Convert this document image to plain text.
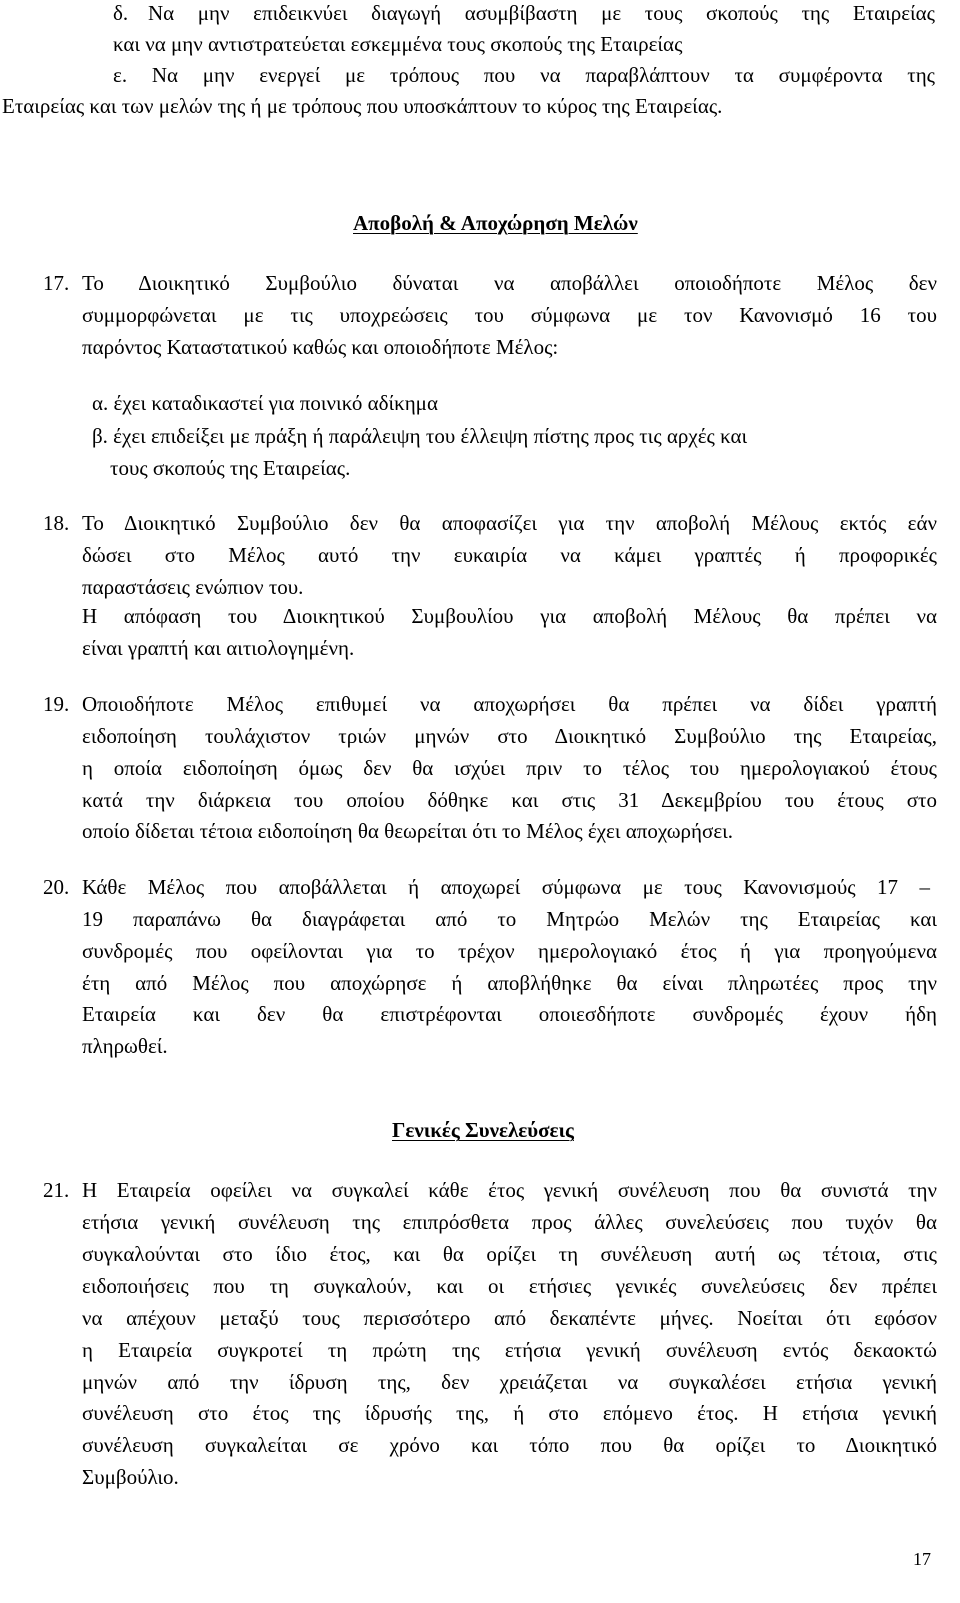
δ. Να μην επιδεικνύει διαγωγή ασυμβίβαστη με τους σκοπούς της Εταιρείας
και να μην αντιστρατεύεται εσκεμμένα τους σκοπούς της Εταιρείας
ε. Να μην ενεργεί με τρόπους που να παραβλάπτουν τα συμφέροντα της
Εταιρείας και των μελών της ή με τρόπους που υποσκάπτουν το κύρος της Εταιρείας.
Αποβολή & Αποχώρηση Μελών
17. Το Διοικητικό Συμβούλιο δύναται να αποβάλλει οποιοδήποτε Μέλος δεν
συμμορφώνεται με τις υποχρεώσεις του σύμφωνα με τον Κανονισμό 16 του
παρόντος Καταστατικού καθώς και οποιοδήποτε Μέλος:
α. έχει καταδικαστεί για ποινικό αδίκημα
β. έχει επιδείξει με πράξη ή παράλειψη του έλλειψη πίστης προς τις αρχές και
τους σκοπούς της Εταιρείας.
18. Το Διοικητικό Συμβούλιο δεν θα αποφασίζει για την αποβολή Μέλους εκτός εάν
δώσει στο Μέλος αυτό την ευκαιρία να κάμει γραπτές ή προφορικές
παραστάσεις ενώπιον του.
Η απόφαση του Διοικητικού Συμβουλίου για αποβολή Μέλους θα πρέπει να
είναι γραπτή και αιτιολογημένη.
19. Οποιοδήποτε Μέλος επιθυμεί να αποχωρήσει θα πρέπει να δίδει γραπτή
ειδοποίηση τουλάχιστον τριών μηνών στο Διοικητικό Συμβούλιο της Εταιρείας,
η οποία ειδοποίηση όμως δεν θα ισχύει πριν το τέλος του ημερολογιακού έτους
κατά την διάρκεια του οποίου δόθηκε και στις 31 Δεκεμβρίου του έτους στο
οποίο δίδεται τέτοια ειδοποίηση θα θεωρείται ότι το Μέλος έχει αποχωρήσει.
20. Κάθε Μέλος που αποβάλλεται ή αποχωρεί σύμφωνα με τους Κανονισμούς 17 –
19 παραπάνω θα διαγράφεται από το Μητρώο Μελών της Εταιρείας και
συνδρομές που οφείλονται για το τρέχον ημερολογιακό έτος ή για προηγούμενα
έτη από Μέλος που αποχώρησε ή αποβλήθηκε θα είναι πληρωτέες προς την
Εταιρεία και δεν θα επιστρέφονται οποιεσδήποτε συνδρομές έχουν ήδη
πληρωθεί.
Γενικές Συνελεύσεις
21. Η Εταιρεία οφείλει να συγκαλεί κάθε έτος γενική συνέλευση που θα συνιστά την
ετήσια γενική συνέλευση της επιπρόσθετα προς άλλες συνελεύσεις που τυχόν θα
συγκαλούνται στο ίδιο έτος, και θα ορίζει τη συνέλευση αυτή ως τέτοια, στις
ειδοποιήσεις που τη συγκαλούν, και οι ετήσιες γενικές συνελεύσεις δεν πρέπει
να απέχουν μεταξύ τους περισσότερο από δεκαπέντε μήνες. Νοείται ότι εφόσον
η Εταιρεία συγκροτεί τη πρώτη της ετήσια γενική συνέλευση εντός δεκαοκτώ
μηνών από την ίδρυση της, δεν χρειάζεται να συγκαλέσει ετήσια γενική
συνέλευση στο έτος της ίδρυσής της, ή στο επόμενο έτος. Η ετήσια γενική
συνέλευση συγκαλείται σε χρόνο και τόπο που θα ορίζει το Διοικητικό
Συμβούλιο.
17
